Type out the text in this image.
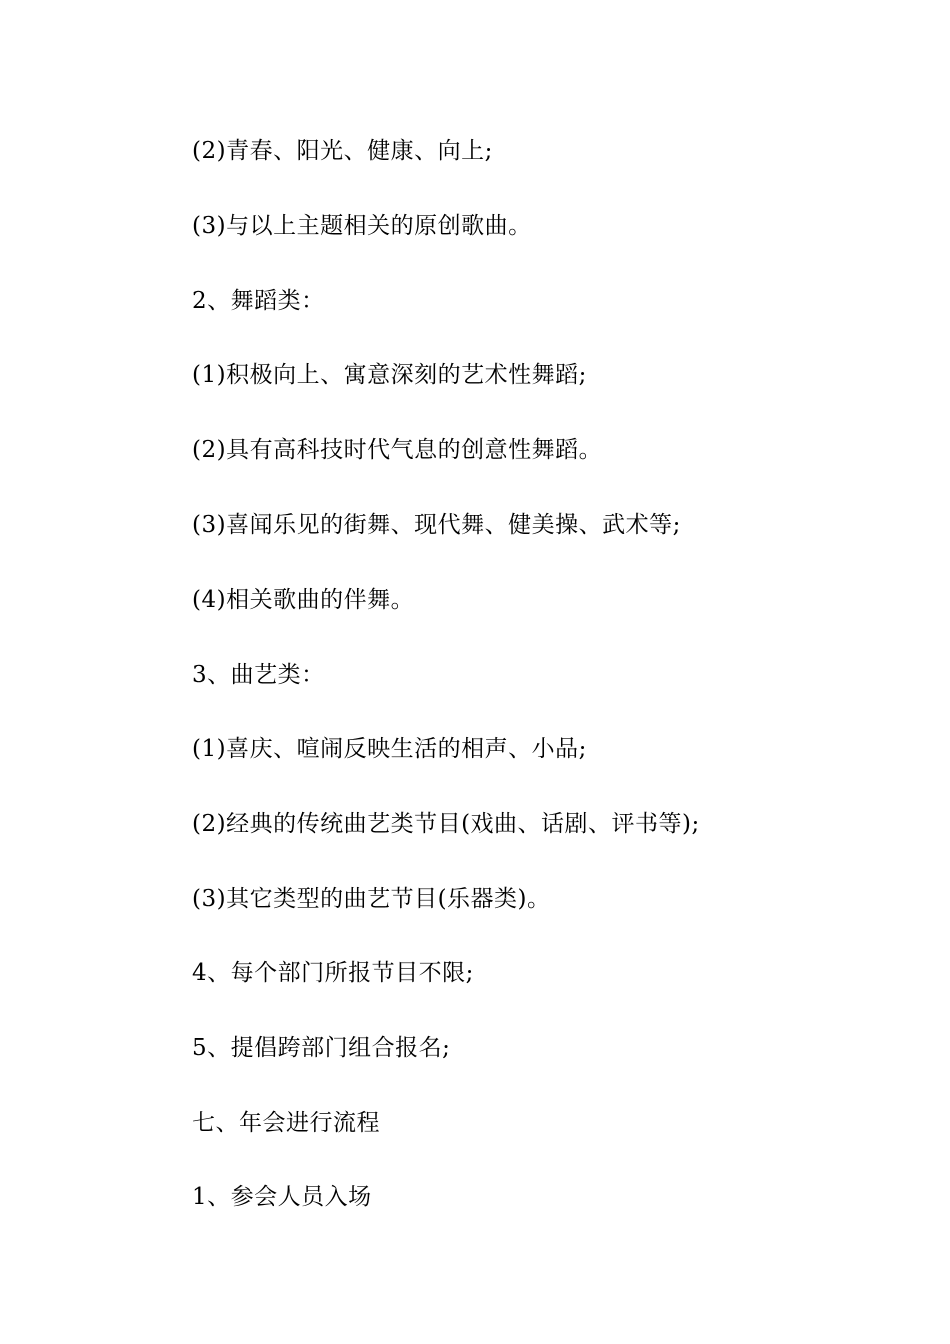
(2)青春、阳光、健康、向上;
(3)与以上主题相关的原创歌曲。
2、舞蹈类：
(1)积极向上、寓意深刻的艺术性舞蹈;
(2)具有高科技时代气息的创意性舞蹈。
(3)喜闻乐见的街舞、现代舞、健美操、武术等;
(4)相关歌曲的伴舞。
3、曲艺类：
(1)喜庆、喧闹反映生活的相声、小品;
(2)经典的传统曲艺类节目(戏曲、话剧、评书等);
(3)其它类型的曲艺节目(乐器类)。
4、每个部门所报节目不限;
5、提倡跨部门组合报名;
七、年会进行流程
1、参会人员入场
